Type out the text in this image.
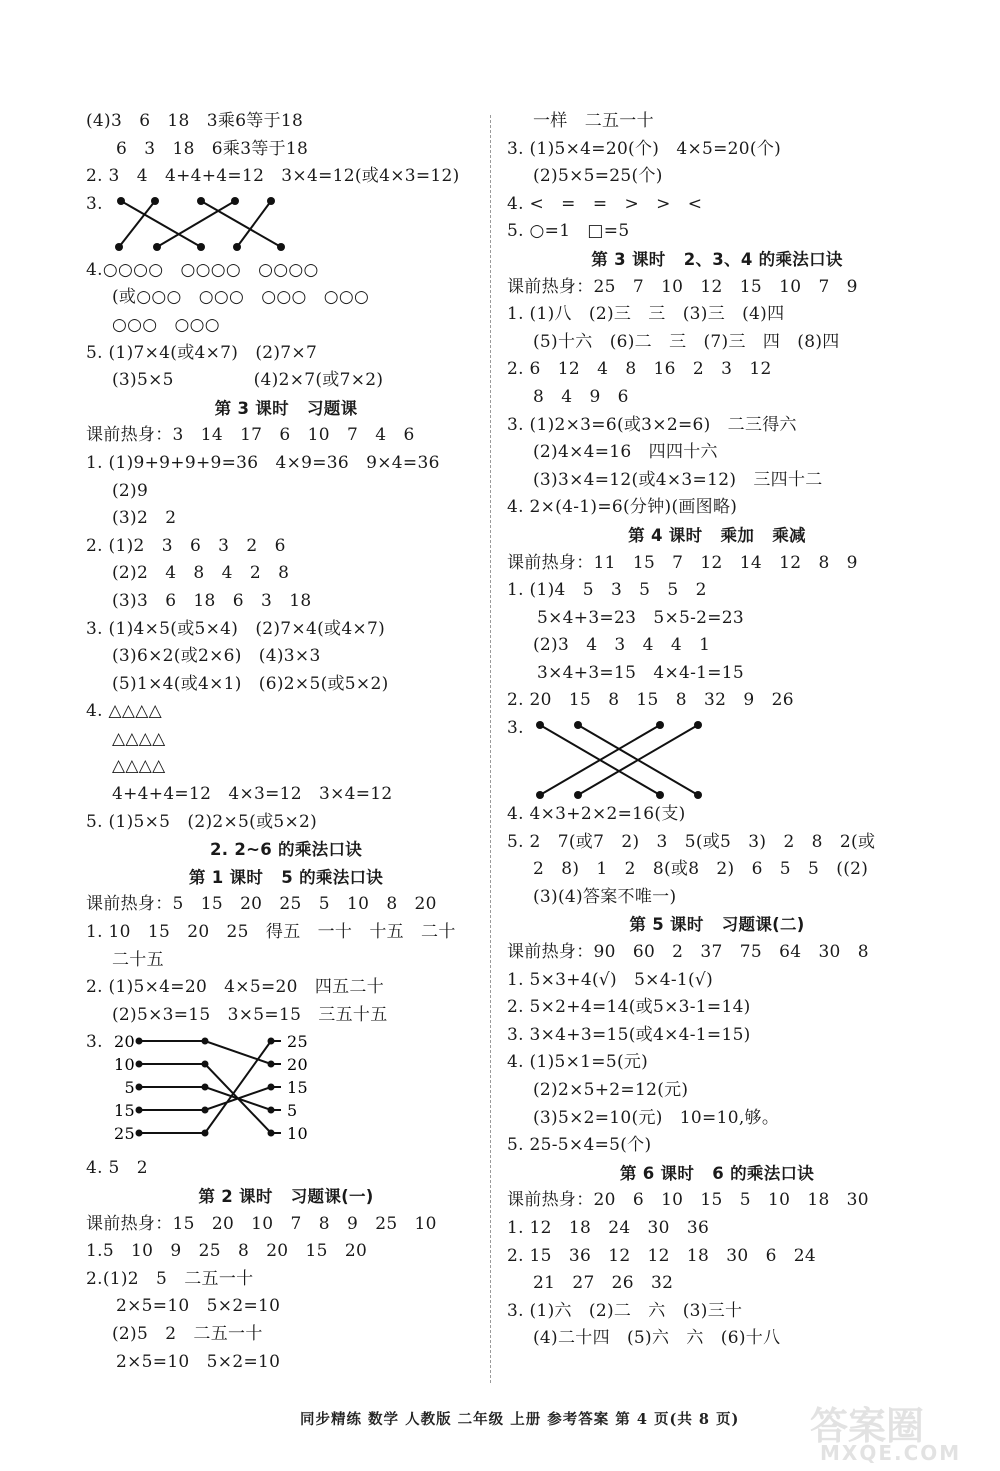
(4)3   6   18   3乘6等于18
6   3   18   6乘3等于18
2. 3   4   4+4+4=12   3×4=12(或4×3=12)
3.
4.○○○○   ○○○○   ○○○○
(或○○○   ○○○   ○○○   ○○○
○○○   ○○○
5. (1)7×4(或4×7)   (2)7×7
(3)5×5              (4)2×7(或7×2)
第 3 课时   习题课
课前热身：3   14   17   6   10   7   4   6
1. (1)9+9+9+9=36   4×9=36   9×4=36
(2)9
(3)2   2
2. (1)2   3   6   3   2   6
(2)2   4   8   4   2   8
(3)3   6   18   6   3   18
3. (1)4×5(或5×4)   (2)7×4(或4×7)
(3)6×2(或2×6)   (4)3×3
(5)1×4(或4×1)   (6)2×5(或5×2)
4. △△△△
△△△△
△△△△
4+4+4=12   4×3=12   3×4=12
5. (1)5×5   (2)2×5(或5×2)
2. 2~6 的乘法口诀
第 1 课时   5 的乘法口诀
课前热身：5   15   20   25   5   10   8   20
1. 10   15   20   25   得五   一十   十五   二十
二十五
2. (1)5×4=20   4×5=20   四五二十
(2)5×3=15   3×5=15   三五十五
3. 20
10
5
15
25
25
20
15
5
10
4. 5   2
第 2 课时   习题课(一)
课前热身：15   20   10   7   8   9   25   10
1.5   10   9   25   8   20   15   20
2.(1)2   5   二五一十
2×5=10   5×2=10
(2)5   2   二五一十
2×5=10   5×2=10
一样   二五一十
3. (1)5×4=20(个)   4×5=20(个)
(2)5×5=25(个)
4. <   =   =   >   >   <
5. ○=1   □=5
第 3 课时   2、3、4 的乘法口诀
课前热身：25   7   10   12   15   10   7   9
1. (1)八   (2)三   三   (3)三   (4)四
(5)十六   (6)二   三   (7)三   四   (8)四
2. 6   12   4   8   16   2   3   12
8   4   9   6
3. (1)2×3=6(或3×2=6)   二三得六
(2)4×4=16   四四十六
(3)3×4=12(或4×3=12)   三四十二
4. 2×(4-1)=6(分钟)(画图略)
第 4 课时   乘加   乘减
课前热身：11   15   7   12   14   12   8   9
1. (1)4   5   3   5   5   2
5×4+3=23   5×5-2=23
(2)3   4   3   4   4   1
3×4+3=15   4×4-1=15
2. 20   15   8   15   8   32   9   26
3.
4. 4×3+2×2=16(支)
5. 2   7(或7   2)   3   5(或5   3)   2   8   2(或
2   8)   1   2   8(或8   2)   6   5   5   ((2)
(3)(4)答案不唯一)
第 5 课时   习题课(二)
课前热身：90   60   2   37   75   64   30   8
1. 5×3+4(√)   5×4-1(√)
2. 5×2+4=14(或5×3-1=14)
3. 3×4+3=15(或4×4-1=15)
4. (1)5×1=5(元)
(2)2×5+2=12(元)
(3)5×2=10(元)   10=10,够。
5. 25-5×4=5(个)
第 6 课时   6 的乘法口诀
课前热身：20   6   10   15   5   10   18   30
1. 12   18   24   30   36
2. 15   36   12   12   18   30   6   24
21   27   26   32
3. (1)六   (2)二   六   (3)三十
(4)二十四   (5)六   六   (6)十八
同步精练 数学 人教版 二年级 上册 参考答案 第 4 页(共 8 页) 答案圈
MXQE.COM
